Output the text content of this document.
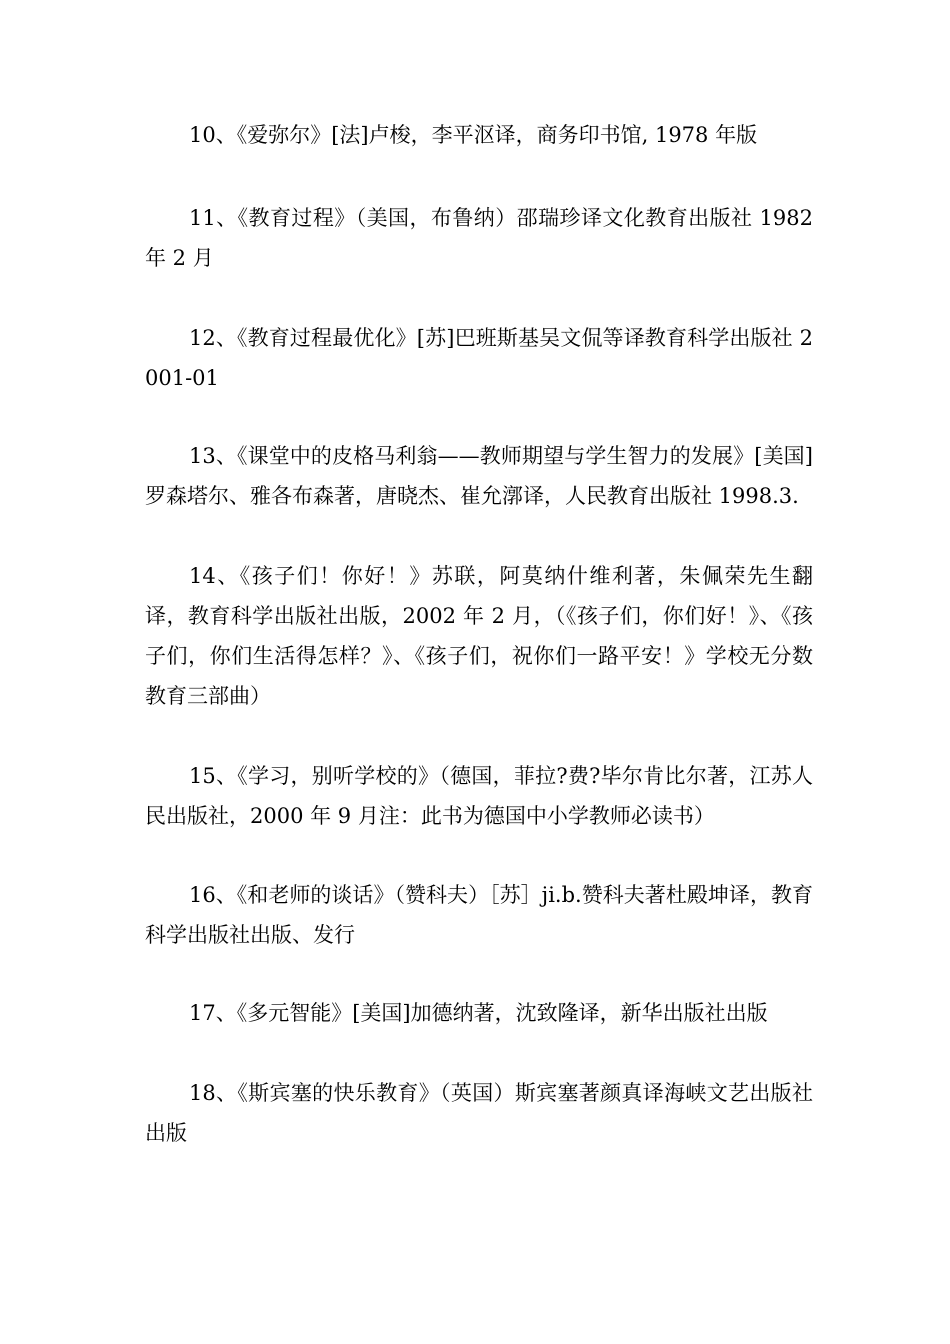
10、《爱弥尔》[法]卢梭，李平沤译，商务印书馆, 1978 年版

11、《教育过程》（美国，布鲁纳）邵瑞珍译文化教育出版社 1982 年 2 月

12、《教育过程最优化》[苏]巴班斯基吴文侃等译教育科学出版社 2001-01

13、《课堂中的皮格马利翁——教师期望与学生智力的发展》[美国]罗森塔尔、雅各布森著，唐晓杰、崔允漷译，人民教育出版社 1998.3.

14、《孩子们！你好！》苏联，阿莫纳什维利著，朱佩荣先生翻译，教育科学出版社出版，2002 年 2 月，（《孩子们，你们好！》、《孩子们，你们生活得怎样？》、《孩子们，祝你们一路平安！》学校无分数教育三部曲）

15、《学习，别听学校的》（德国，菲拉?费?毕尔肯比尔著，江苏人民出版社，2000 年 9 月注：此书为德国中小学教师必读书）

16、《和老师的谈话》（赞科夫）［苏］ji.b.赞科夫著杜殿坤译，教育科学出版社出版、发行

17、《多元智能》[美国]加德纳著，沈致隆译，新华出版社出版

18、《斯宾塞的快乐教育》（英国）斯宾塞著颜真译海峡文艺出版社出版
